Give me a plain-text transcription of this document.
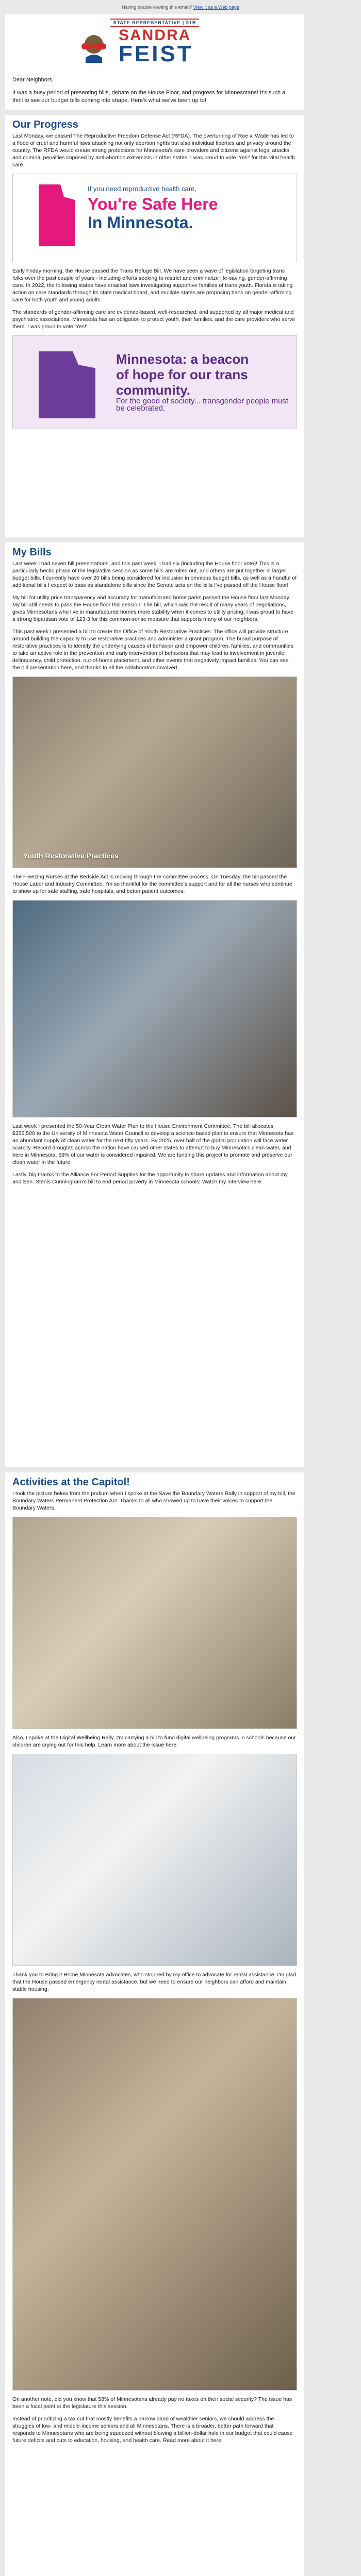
Having trouble viewing this email?
View it as a Web page
STATE REPRESENTATIVE | 51B
SANDRA
FEIST

Dear Neighbors,

It was a busy period of presenting bills, debate on the House Floor, and progress for Minnesotans! It's such a thrill to see our budget bills coming into shape. Here's what we've been up to!

Our Progress

Last Monday, we passed The Reproductive Freedom Defense Act (RFDA). The overturning of Roe v. Wade has led to a flood of cruel and harmful laws attacking not only abortion rights but also individual liberties and privacy around the country. The RFDA would create strong protections for Minnesota's care providers and citizens against legal attacks and criminal penalties imposed by anti-abortion extremists in other states. I was proud to vote 'Yes!' for this vital health care.

If you need reproductive health care,
You're Safe Here
In Minnesota.

Early Friday morning, the House passed the Trans Refuge Bill. We have seen a wave of legislation targeting trans folks over the past couple of years - including efforts seeking to restrict and criminalize life-saving, gender-affirming care. In 2022, the following states have enacted laws investigating supportive families of trans youth. Florida is taking action on care standards through its state medical board, and multiple states are proposing bans on gender-affirming care for both youth and young adults.

The standards of gender-affirming care are evidence-based, well-researched, and supported by all major medical and psychiatric associations. Minnesota has an obligation to protect youth, their families, and the care providers who serve them. I was proud to vote 'Yes!'

Minnesota: a beacon
of hope for our trans
community.
For the good of society... transgender people must be celebrated.
My Bills

Last week I had seven bill presentations, and this past week, I had six (including the House floor vote)! This is a particularly hectic phase of the legislative session as some bills are rolled out, and others are put together in larger budget bills. I currently have over 20 bills being considered for inclusion in omnibus budget bills, as well as a handful of additional bills I expect to pass as standalone bills since the Senate acts on the bills I've passed off the House floor!

My bill for utility price transparency and accuracy for manufactured home parks passed the House floor last Monday. My bill still needs to pass the House floor this session! The bill, which was the result of many years of negotiations, gives Minnesotans who live in manufactured homes more stability when it comes to utility pricing. I was proud to have a strong bipartisan vote of 123-3 for this common-sense measure that supports many of our neighbors.

This past week I presented a bill to create the Office of Youth Restorative Practices. The office will provide structure around building the capacity to use restorative practices and administer a grant program. The broad purpose of restorative practices is to identify the underlying causes of behavior and empower children, families, and communities to take an active role in the prevention and early intervention of behaviors that may lead to involvement in juvenile delinquency, child protection, out-of-home placement, and other events that negatively impact families. You can see the bill presentation here, and thanks to all the collaborators involved.

Youth Restorative Practices

The Freezing Nurses at the Bedside Act is moving through the committee process. On Tuesday, the bill passed the House Labor and Industry Committee. I'm so thankful for the committee's support and for all the nurses who continue to show up for safe staffing, safe hospitals, and better patient outcomes.

Last week I presented the 50-Year Clean Water Plan to the House Environment Committee. The bill allocates $356,500 to the University of Minnesota Water Council to develop a science-based plan to ensure that Minnesota has an abundant supply of clean water for the next fifty years. By 2025, over half of the global population will face water scarcity. Record droughts across the nation have caused other states to attempt to buy Minnesota's clean water, and here in Minnesota, 59% of our water is considered impaired. We are funding this project to promote and preserve our clean water in the future.

Lastly, big thanks to the Alliance For Period Supplies for the opportunity to share updates and information about my and Sen. Stenis Cunningham's bill to end period poverty in Minnesota schools! Watch my interview here.

Activities at the Capitol!

I took the picture below from the podium when I spoke at the Save the Boundary Waters Rally in support of my bill, the Boundary Waters Permanent Protection Act. Thanks to all who showed up to have their voices to support the Boundary Waters.

Also, I spoke at the Digital Wellbeing Rally. I'm carrying a bill to fund digital wellbeing programs in schools because our children are crying out for this help. Learn more about the issue here.

Thank you to Bring it Home Minnesota advocates, who stopped by my office to advocate for rental assistance. I'm glad that the House passed emergency rental assistance, but we need to ensure our neighbors can afford and maintain stable housing.

On another note, did you know that 58% of Minnesotans already pay no taxes on their social security? The issue has been a focal point at the legislature this session.

Instead of prioritizing a tax cut that mostly benefits a narrow band of wealthier seniors, we should address the struggles of low- and middle-income seniors and all Minnesotans. There is a broader, better path forward that responds to Minnesotans who are being squeezed without blowing a billion-dollar hole in our budget that could cause future deficits and cuts to education, housing, and health care. Read more about it here.
